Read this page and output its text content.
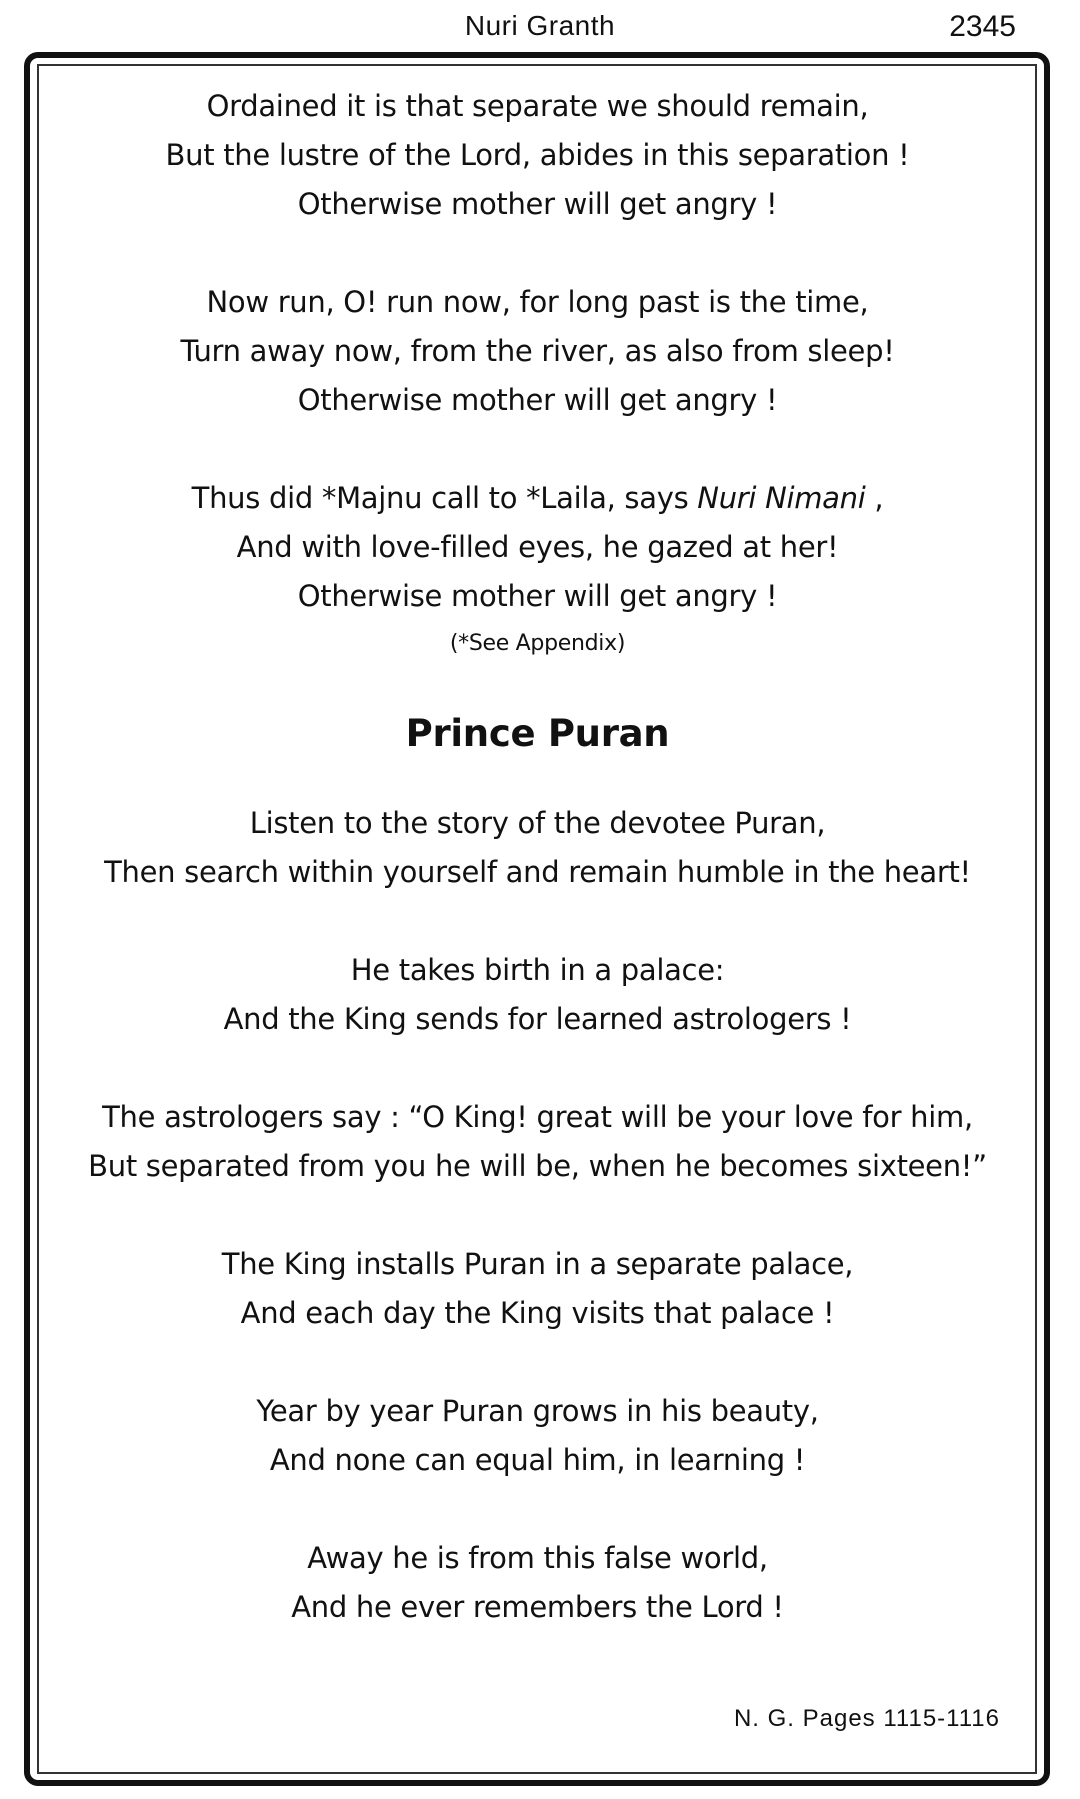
Nuri Granth	2345
Ordained it is that separate we should remain,
But the lustre of the Lord, abides in this separation !
Otherwise mother will get angry !
Now run, O! run now, for long past is the time,
Turn away now, from the river, as also from sleep!
Otherwise mother will get angry !
Thus did *Majnu call to *Laila, says Nuri Nimani ,
And with love-filled eyes, he gazed at her!
Otherwise mother will get angry !
(*See Appendix)
Prince Puran
Listen to the story of the devotee Puran,
Then search within yourself and remain humble in the heart!
He takes birth in a palace:
And the King sends for learned astrologers !
The astrologers say : “O King! great will be your love for him,
But separated from you he will be, when he becomes sixteen!”
The King installs Puran in a separate palace,
And each day the King visits that palace !
Year by year Puran grows in his beauty,
And none can equal him, in learning !
Away he is from this false world,
And he ever remembers the Lord !
N. G. Pages 1115-1116
